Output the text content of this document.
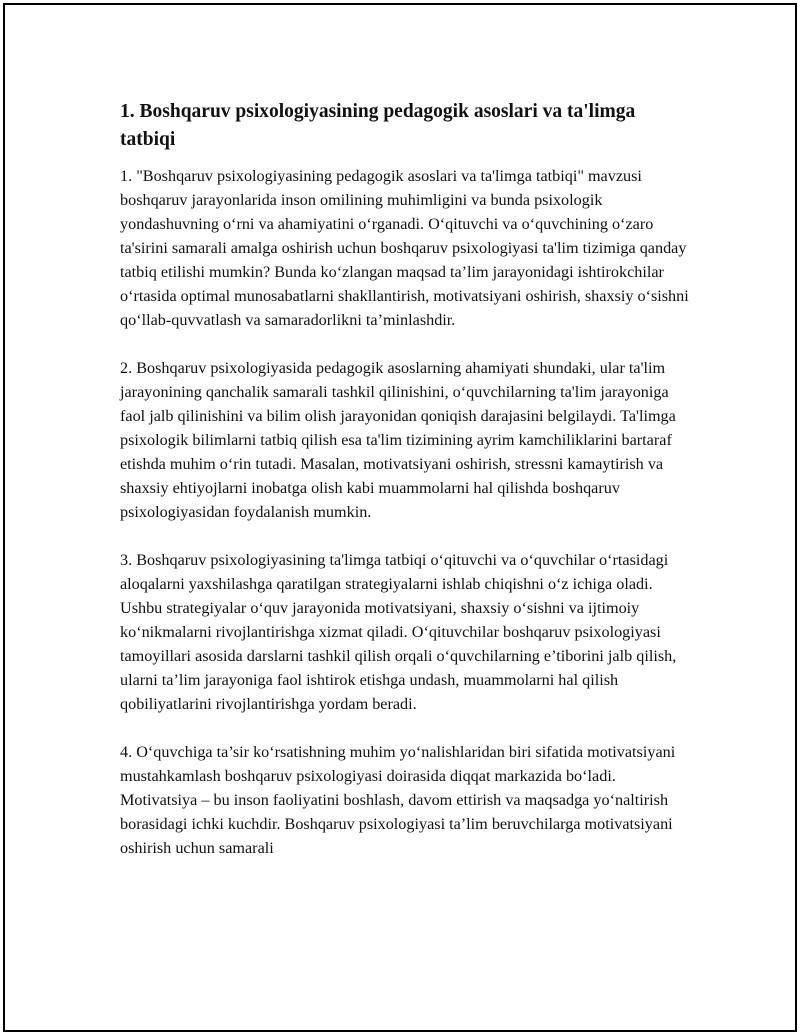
1. Boshqaruv psixologiyasining pedagogik asoslari va ta'limga tatbiqi

1. "Boshqaruv psixologiyasining pedagogik asoslari va ta'limga tatbiqi" mavzusi boshqaruv jarayonlarida inson omilining muhimligini va bunda psixologik yondashuvning oʻrni va ahamiyatini oʻrganadi. Oʻqituvchi va oʻquvchining oʻzaro ta'sirini samarali amalga oshirish uchun boshqaruv psixologiyasi ta'lim tizimiga qanday tatbiq etilishi mumkin? Bunda koʻzlangan maqsad ta’lim jarayonidagi ishtirokchilar oʻrtasida optimal munosabatlarni shakllantirish, motivatsiyani oshirish, shaxsiy oʻsishni qoʻllab-quvvatlash va samaradorlikni ta’minlashdir.

2. Boshqaruv psixologiyasida pedagogik asoslarning ahamiyati shundaki, ular ta'lim jarayonining qanchalik samarali tashkil qilinishini, oʻquvchilarning ta'lim jarayoniga faol jalb qilinishini va bilim olish jarayonidan qoniqish darajasini belgilaydi. Ta'limga psixologik bilimlarni tatbiq qilish esa ta'lim tizimining ayrim kamchiliklarini bartaraf etishda muhim oʻrin tutadi. Masalan, motivatsiyani oshirish, stressni kamaytirish va shaxsiy ehtiyojlarni inobatga olish kabi muammolarni hal qilishda boshqaruv psixologiyasidan foydalanish mumkin.

3. Boshqaruv psixologiyasining ta'limga tatbiqi oʻqituvchi va oʻquvchilar oʻrtasidagi aloqalarni yaxshilashga qaratilgan strategiyalarni ishlab chiqishni oʻz ichiga oladi. Ushbu strategiyalar oʻquv jarayonida motivatsiyani, shaxsiy oʻsishni va ijtimoiy koʻnikmalarni rivojlantirishga xizmat qiladi. Oʻqituvchilar boshqaruv psixologiyasi tamoyillari asosida darslarni tashkil qilish orqali oʻquvchilarning e’tiborini jalb qilish, ularni ta’lim jarayoniga faol ishtirok etishga undash, muammolarni hal qilish qobiliyatlarini rivojlantirishga yordam beradi.

4. Oʻquvchiga ta’sir koʻrsatishning muhim yoʻnalishlaridan biri sifatida motivatsiyani mustahkamlash boshqaruv psixologiyasi doirasida diqqat markazida boʻladi. Motivatsiya – bu inson faoliyatini boshlash, davom ettirish va maqsadga yoʻnaltirish borasidagi ichki kuchdir. Boshqaruv psixologiyasi ta’lim beruvchilarga motivatsiyani oshirish uchun samarali
